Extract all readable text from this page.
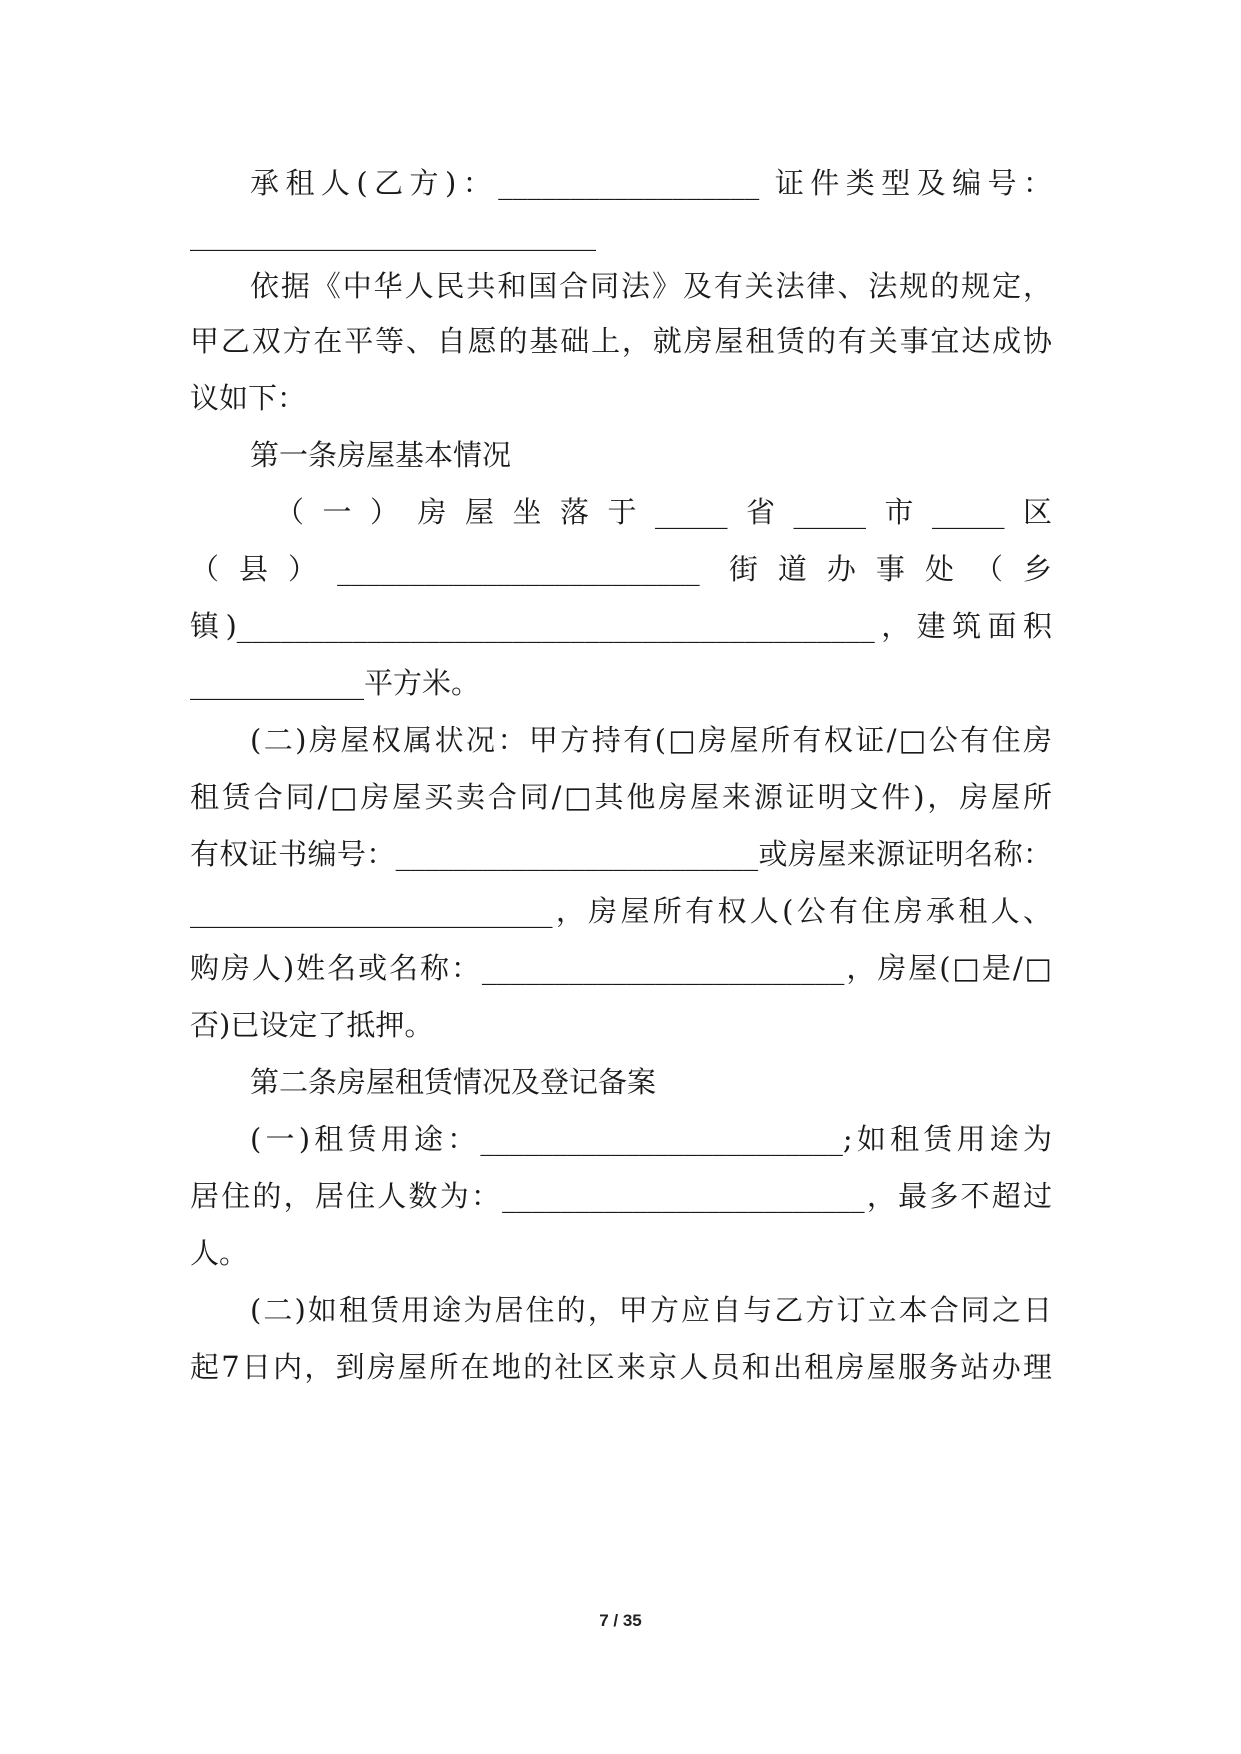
承租人(乙方)：__________________ 证件类型及编号：
____________________________
依据《中华人民共和国合同法》及有关法律、法规的规定，
甲乙双方在平等、自愿的基础上，就房屋租赁的有关事宜达成协
议如下：
第一条房屋基本情况
（一）房屋坐落于_____省_____市_____区
（县）_________________________ 街道办事处（乡
镇)____________________________________________，建筑面积
____________平方米。
(二)房屋权属状况：甲方持有(□房屋所有权证/□公有住房
租赁合同/□房屋买卖合同/□其他房屋来源证明文件)，房屋所
有权证书编号：_________________________或房屋来源证明名称：
_________________________，房屋所有权人(公有住房承租人、
购房人)姓名或名称：_________________________，房屋(□是/□
否)已设定了抵押。
第二条房屋租赁情况及登记备案
(一)租赁用途：_________________________;如租赁用途为
居住的，居住人数为：_________________________，最多不超过
人。
(二)如租赁用途为居住的，甲方应自与乙方订立本合同之日
起7日内，到房屋所在地的社区来京人员和出租房屋服务站办理
7 / 35
